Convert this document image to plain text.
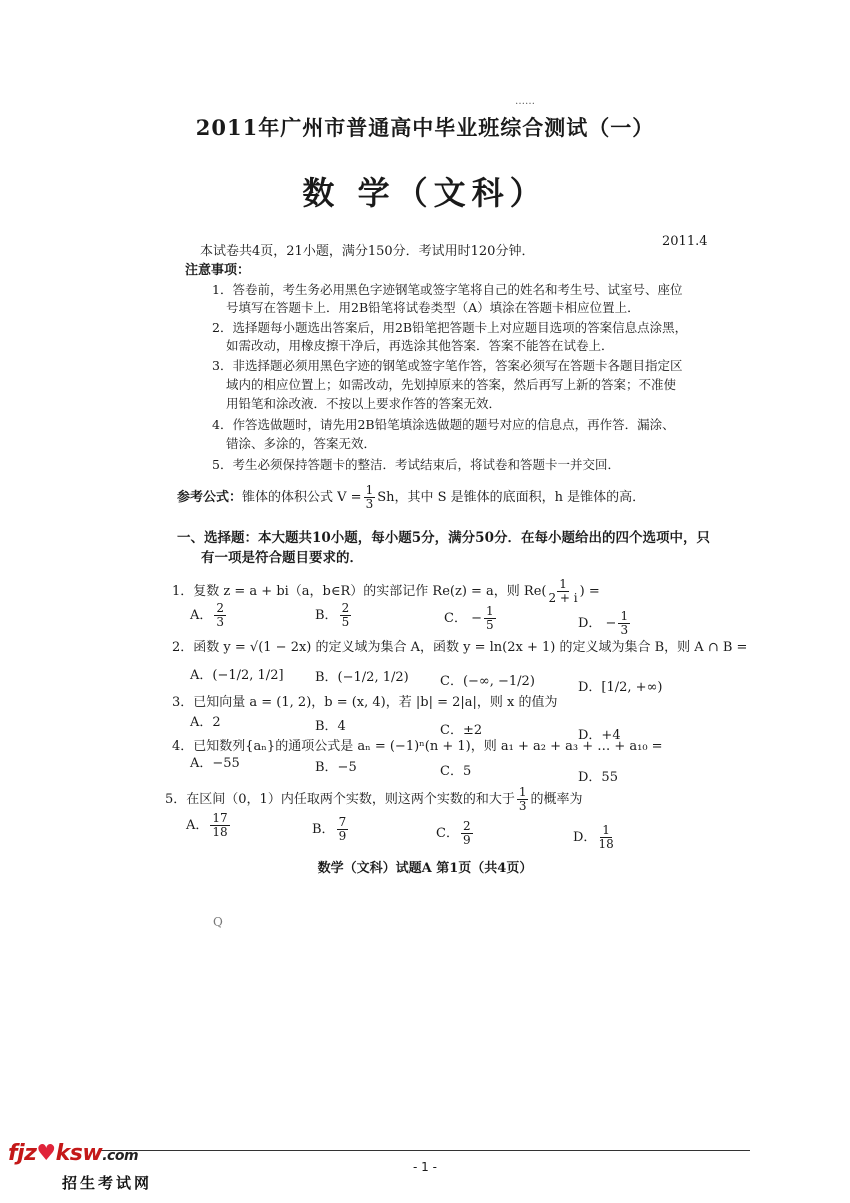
……
2011年广州市普通高中毕业班综合测试（一）
数 学（文科）
2011.4
本试卷共4页，21小题，满分150分．考试用时120分钟．
注意事项：
1．答卷前，考生务必用黑色字迹钢笔或签字笔将自己的姓名和考生号、试室号、座位
号填写在答题卡上．用2B铅笔将试卷类型（A）填涂在答题卡相应位置上．
2．选择题每小题选出答案后，用2B铅笔把答题卡上对应题目选项的答案信息点涂黑，
如需改动，用橡皮擦干净后，再选涂其他答案．答案不能答在试卷上．
3．非选择题必须用黑色字迹的钢笔或签字笔作答，答案必须写在答题卡各题目指定区
域内的相应位置上；如需改动，先划掉原来的答案，然后再写上新的答案；不准使
用铅笔和涂改液．不按以上要求作答的答案无效．
4．作答选做题时，请先用2B铅笔填涂选做题的题号对应的信息点，再作答．漏涂、
错涂、多涂的，答案无效．
5．考生必须保持答题卡的整洁．考试结束后，将试卷和答题卡一并交回．
参考公式：锥体的体积公式 $V = \frac{1}{3}$ Sh，其中 S 是锥体的底面积，h 是锥体的高．
一、选择题：本大题共10小题，每小题5分，满分50分．在每小题给出的四个选项中，只
有一项是符合题目要求的．
1．复数 z = a + bi（a，b∈R）的实部记作 Re(z) = a，则 $Re( \frac{1}{2 + i}$ ) =
A． $\frac{2}{3}$	B． $\frac{2}{5}$	C． − $\frac{1}{5}$	D． − $\frac{1}{3}$
2．函数 y = √(1 − 2x) 的定义域为集合 A，函数 y = ln(2x + 1) 的定义域为集合 B，则 A ∩ B =
A．(−1/2, 1/2] B．(−1/2, 1/2) C．(−∞, −1/2)	D．[1/2, +∞)
3．已知向量 a = (1, 2)，b = (x, 4)，若 |b| = 2|a|，则 x 的值为
A．2	B．4	C．±2	D．+4
4．已知数列{aₙ}的通项公式是 aₙ = (−1)ⁿ(n + 1)，则 a₁ + a₂ + a₃ + … + a₁₀ =
A．−55	B．−5	C．5	D．55
5．在区间（0，1）内任取两个实数，则这两个实数的和大于 $\frac{1}{3}$ 的概率为
A． $\frac{17}{18}$	B． $\frac{7}{9}$	C． $\frac{2}{9}$	D． $\frac{1}{18}$
数学（文科）试题A 第1页（共4页）
Q
- 1 -
fjz♥ksw.com
招生考试网
